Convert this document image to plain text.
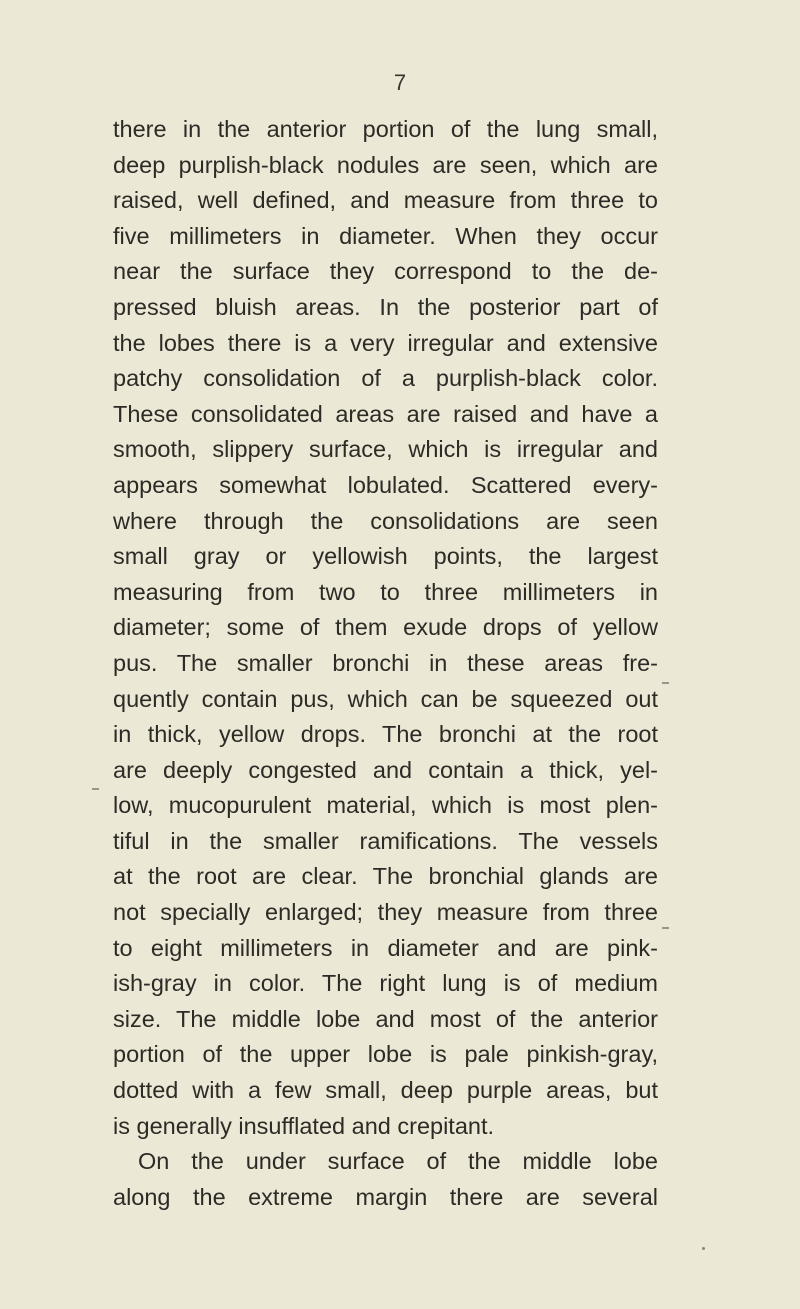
7
there in the anterior portion of the lung small,
deep purplish-black nodules are seen, which are
raised, well defined, and measure from three to
five millimeters in diameter. When they occur
near the surface they correspond to the de-
pressed bluish areas. In the posterior part of
the lobes there is a very irregular and extensive
patchy consolidation of a purplish-black color.
These consolidated areas are raised and have a
smooth, slippery surface, which is irregular and
appears somewhat lobulated. Scattered every-
where through the consolidations are seen
small gray or yellowish points, the largest
measuring from two to three millimeters in
diameter; some of them exude drops of yellow
pus. The smaller bronchi in these areas fre-
quently contain pus, which can be squeezed out
in thick, yellow drops. The bronchi at the root
are deeply congested and contain a thick, yel-
low, mucopurulent material, which is most plen-
tiful in the smaller ramifications. The vessels
at the root are clear. The bronchial glands are
not specially enlarged; they measure from three
to eight millimeters in diameter and are pink-
ish-gray in color. The right lung is of medium
size. The middle lobe and most of the anterior
portion of the upper lobe is pale pinkish-gray,
dotted with a few small, deep purple areas, but
is generally insufflated and crepitant.
On the under surface of the middle lobe
along the extreme margin there are several
